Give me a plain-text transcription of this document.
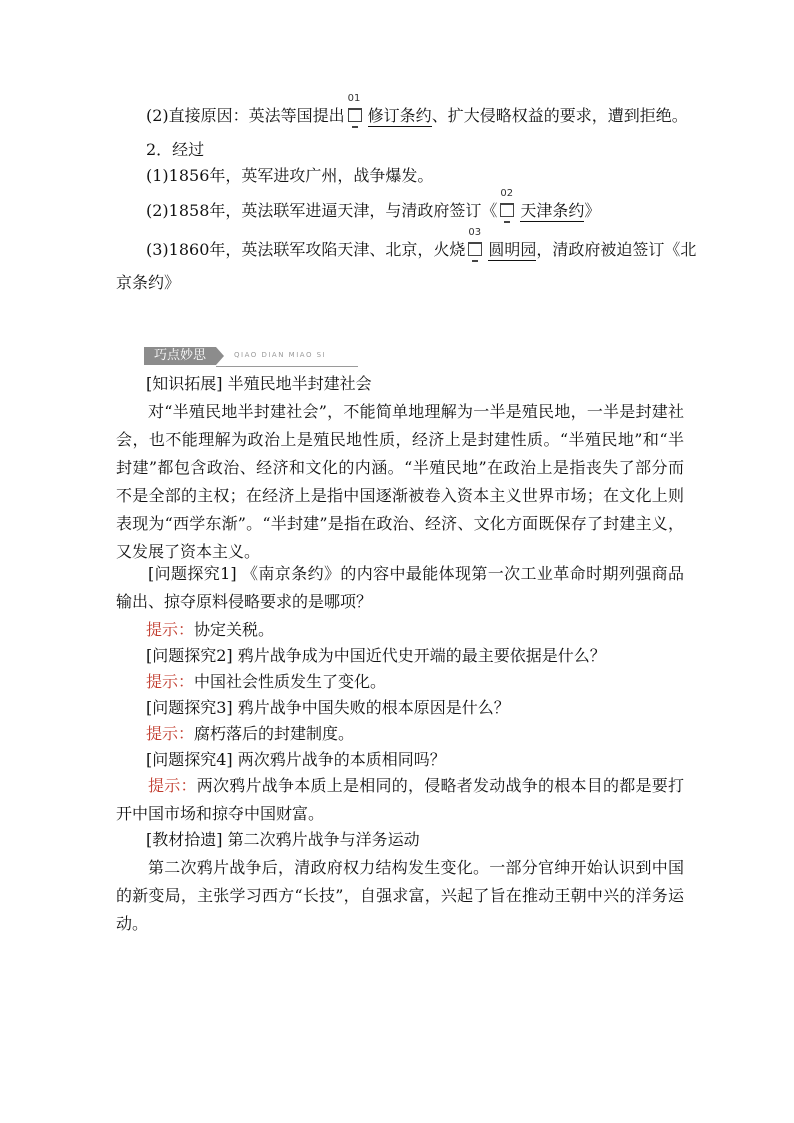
(2)直接原因：英法等国提出
01
修订条约、扩大侵略权益的要求，遭到拒绝。
2．经过
(1)1856年，英军进攻广州，战争爆发。
(2)1858年，英法联军进逼天津，与清政府签订《
02
天津条约》
(3)1860年，英法联军攻陷天津、北京，火烧
03
圆明园，清政府被迫签订《北
京条约》
巧点妙思	QIAO DIAN MIAO SI
[知识拓展] 半殖民地半封建社会
对“半殖民地半封建社会”，不能简单地理解为一半是殖民地，一半是封建社会，也不能理解为政治上是殖民地性质，经济上是封建性质。“半殖民地”和“半封建”都包含政治、经济和文化的内涵。“半殖民地”在政治上是指丧失了部分而不是全部的主权；在经济上是指中国逐渐被卷入资本主义世界市场；在文化上则表现为“西学东渐”。“半封建”是指在政治、经济、文化方面既保存了封建主义，又发展了资本主义。
[问题探究1] 《南京条约》的内容中最能体现第一次工业革命时期列强商品输出、掠夺原料侵略要求的是哪项？
提示：协定关税。
[问题探究2] 鸦片战争成为中国近代史开端的最主要依据是什么？
提示：中国社会性质发生了变化。
[问题探究3] 鸦片战争中国失败的根本原因是什么？
提示：腐朽落后的封建制度。
[问题探究4] 两次鸦片战争的本质相同吗？
提示：两次鸦片战争本质上是相同的，侵略者发动战争的根本目的都是要打开中国市场和掠夺中国财富。
[教材拾遗] 第二次鸦片战争与洋务运动
第二次鸦片战争后，清政府权力结构发生变化。一部分官绅开始认识到中国的新变局，主张学习西方“长技”，自强求富，兴起了旨在推动王朝中兴的洋务运动。
